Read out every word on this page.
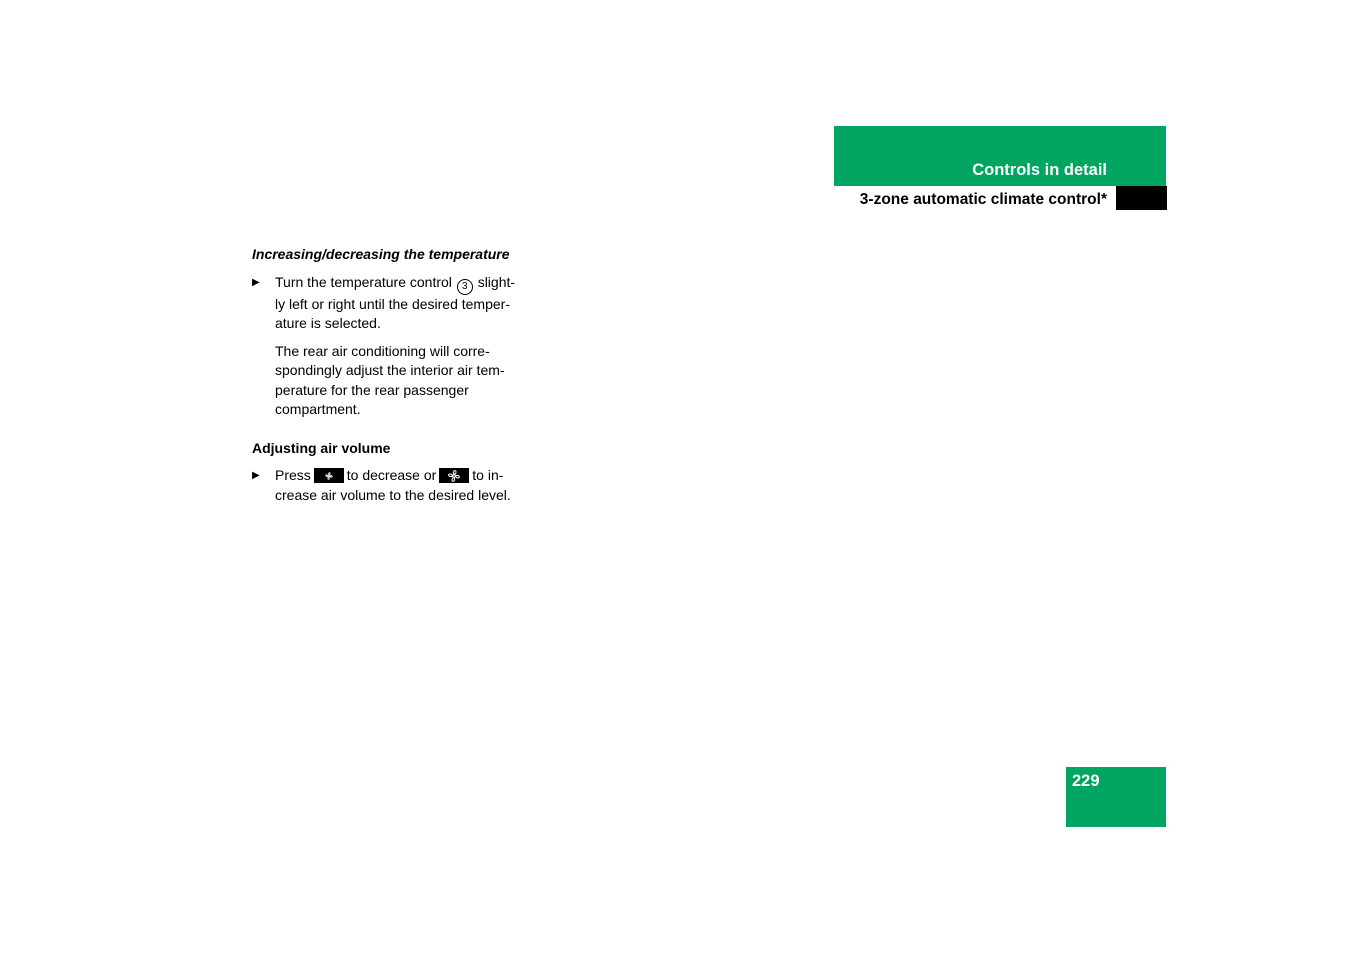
Controls in detail

3-zone automatic climate control*

Increasing/decreasing the temperature

▶ Turn the temperature control 3 slight-
ly left or right until the desired temper-
ature is selected.
The rear air conditioning will corre-
spondingly adjust the interior air tem-
perature for the rear passenger
compartment.

Adjusting air volume

▶ Press	to decrease or	to in-
crease air volume to the desired level.

229
